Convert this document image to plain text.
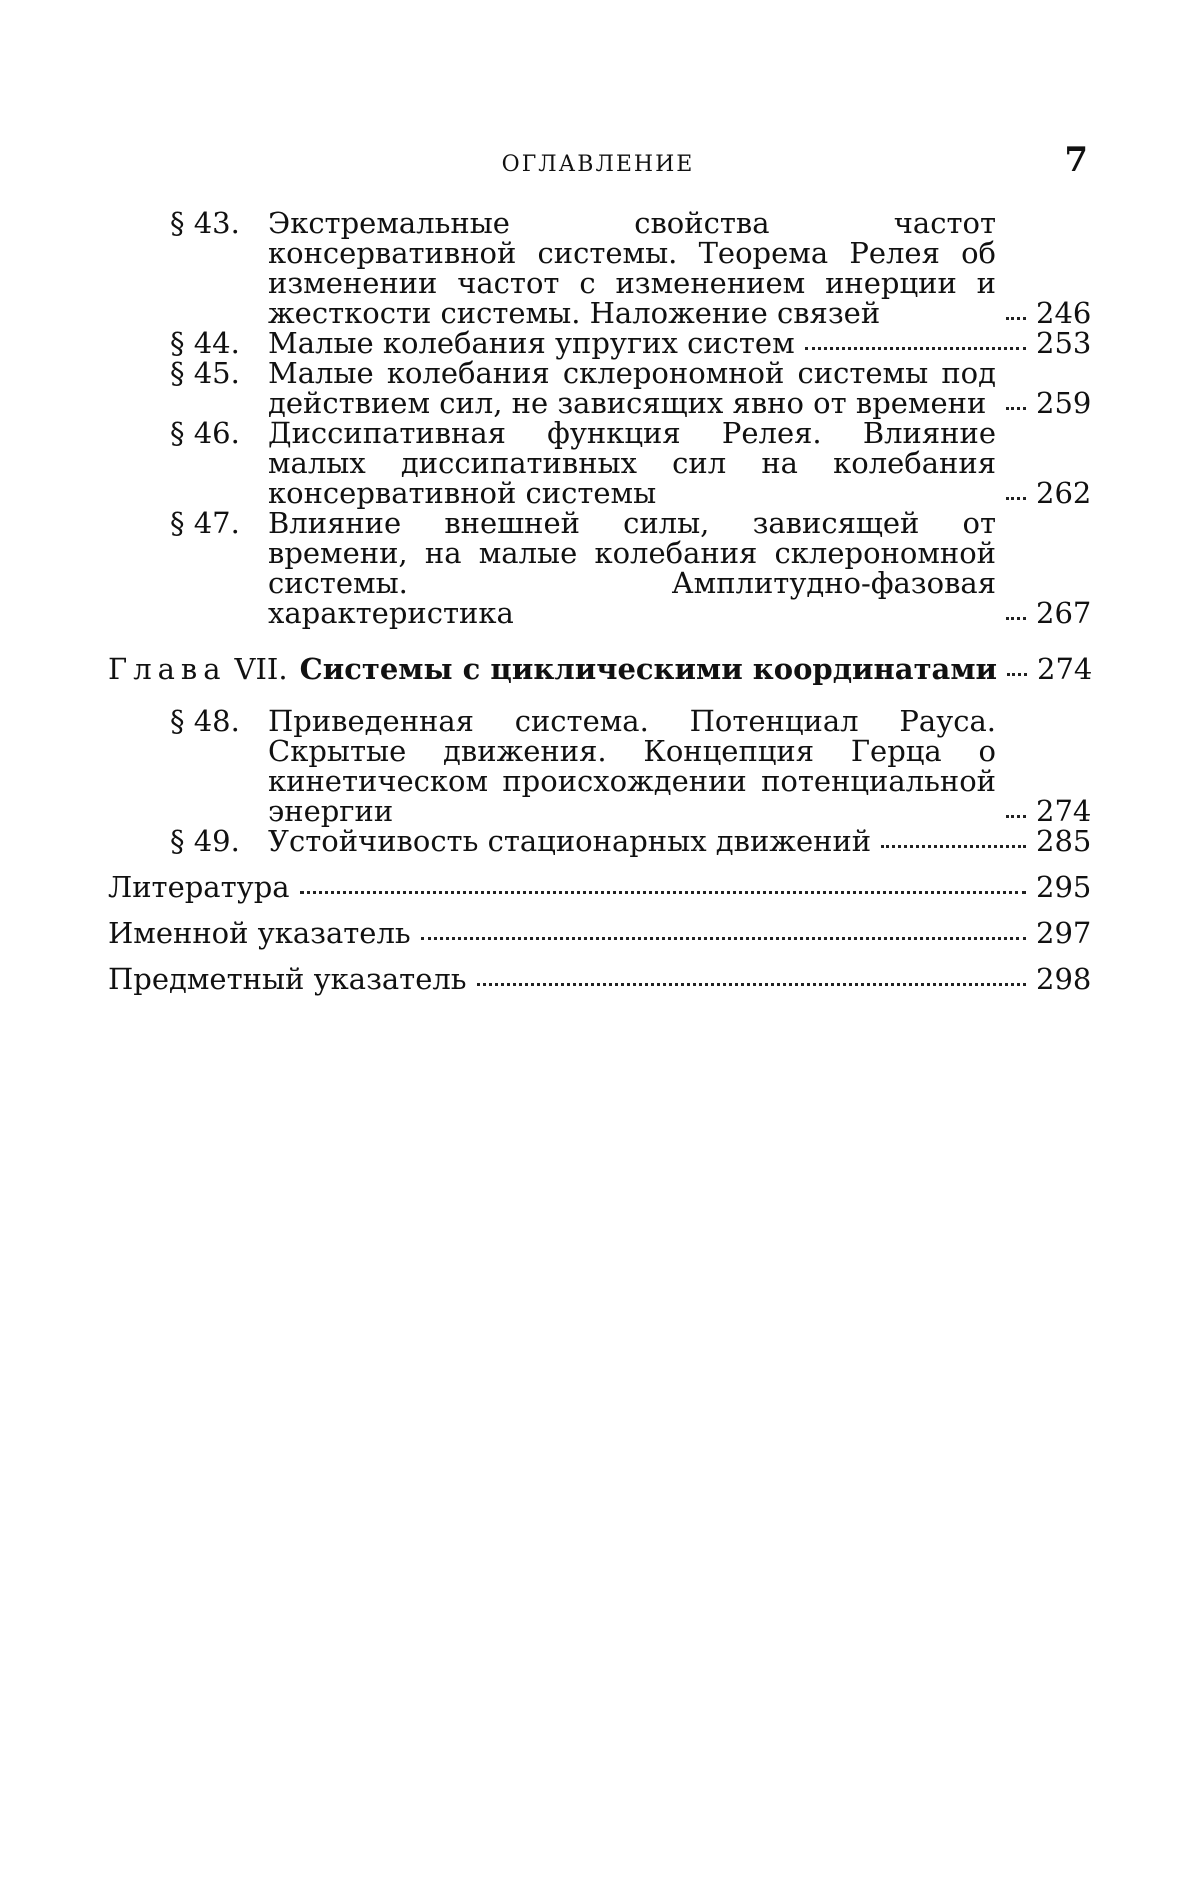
ОГЛАВЛЕНИЕ	7
§ 43. Экстремальные свойства частот консервативной системы. Теорема Релея об изменении частот с изменением инерции и жесткости системы. Наложение связей	246
§ 44. Малые колебания упругих систем	253
§ 45. Малые колебания склерономной системы под действием сил, не зависящих явно от времени	259
§ 46. Диссипативная функция Релея. Влияние малых диссипативных сил на колебания консервативной системы	262
§ 47. Влияние внешней силы, зависящей от времени, на малые колебания склерономной системы. Амплитудно-фазовая характеристика	267
Глава VII. Системы с циклическими координатами 274
§ 48. Приведенная система. Потенциал Рауса. Скрытые движения. Концепция Герца о кинетическом происхождении потенциальной энергии	274
§ 49. Устойчивость стационарных движений	285
Литература	295
Именной указатель	297
Предметный указатель	298
